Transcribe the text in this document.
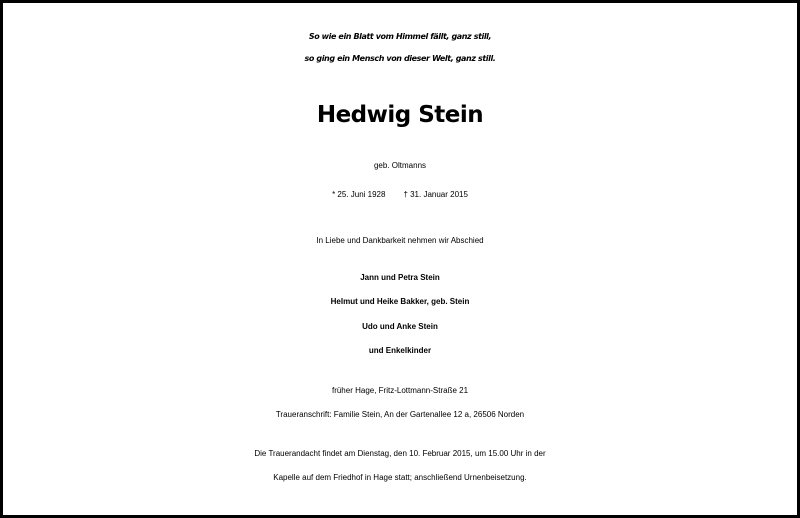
So wie ein Blatt vom Himmel fällt, ganz still,
so ging ein Mensch von dieser Welt, ganz still.
Hedwig Stein
geb. Oltmanns
* 25. Juni 1928 † 31. Januar 2015
In Liebe und Dankbarkeit nehmen wir Abschied
Jann und Petra Stein
Helmut und Heike Bakker, geb. Stein
Udo und Anke Stein
und Enkelkinder
früher Hage, Fritz-Lottmann-Straße 21
Traueranschrift: Familie Stein, An der Gartenallee 12 a, 26506 Norden
Die Trauerandacht findet am Dienstag, den 10. Februar 2015, um 15.00 Uhr in der
Kapelle auf dem Friedhof in Hage statt; anschließend Urnenbeisetzung.
